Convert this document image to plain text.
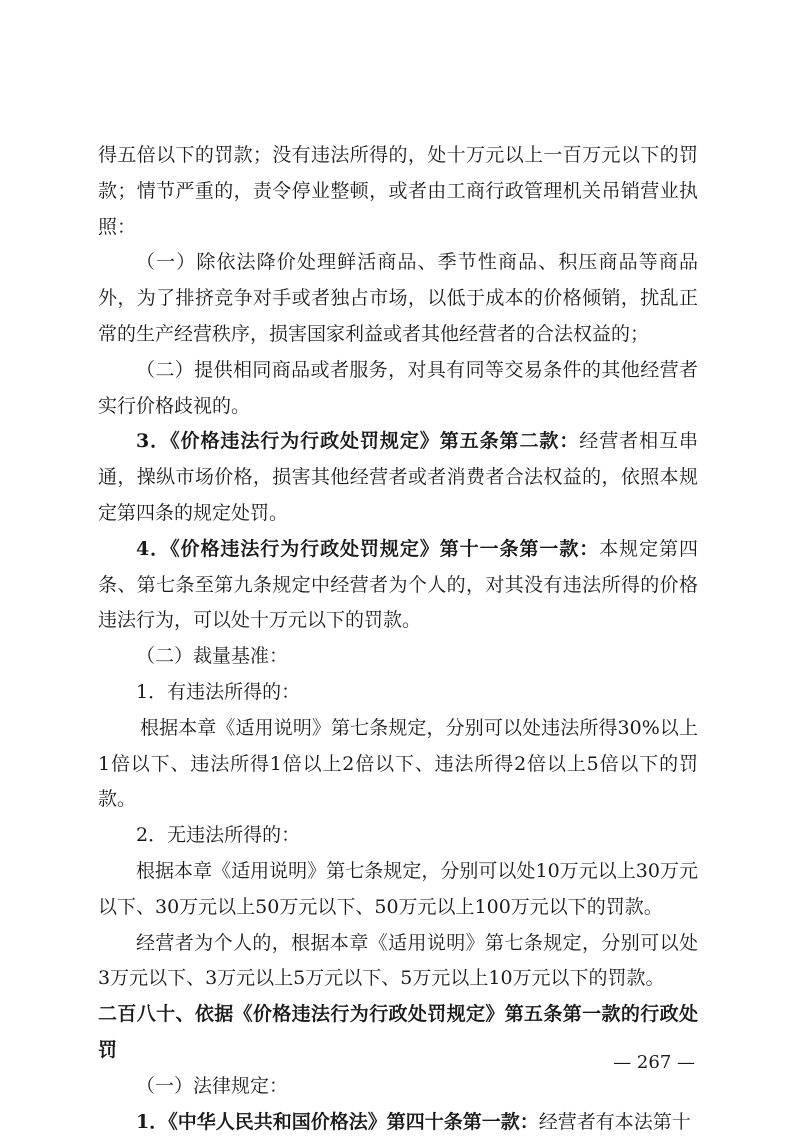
得五倍以下的罚款；没有违法所得的，处十万元以上一百万元以下的罚款；情节严重的，责令停业整顿，或者由工商行政管理机关吊销营业执照：

（一）除依法降价处理鲜活商品、季节性商品、积压商品等商品外，为了排挤竞争对手或者独占市场，以低于成本的价格倾销，扰乱正常的生产经营秩序，损害国家利益或者其他经营者的合法权益的；

（二）提供相同商品或者服务，对具有同等交易条件的其他经营者实行价格歧视的。

3．《价格违法行为行政处罚规定》第五条第二款：经营者相互串通，操纵市场价格，损害其他经营者或者消费者合法权益的，依照本规定第四条的规定处罚。

4．《价格违法行为行政处罚规定》第十一条第一款：本规定第四条、第七条至第九条规定中经营者为个人的，对其没有违法所得的价格违法行为，可以处十万元以下的罚款。

（二）裁量基准：

1．有违法所得的：

根据本章《适用说明》第七条规定，分别可以处违法所得30%以上1倍以下、违法所得1倍以上2倍以下、违法所得2倍以上5倍以下的罚款。

2．无违法所得的：

根据本章《适用说明》第七条规定，分别可以处10万元以上30万元以下、30万元以上50万元以下、50万元以上100万元以下的罚款。

经营者为个人的，根据本章《适用说明》第七条规定，分别可以处 3万元以下、3万元以上5万元以下、5万元以上10万元以下的罚款。

二百八十、依据《价格违法行为行政处罚规定》第五条第一款的行政处罚

（一）法律规定：

1．《中华人民共和国价格法》第四十条第一款：经营者有本法第十

— 267 —
